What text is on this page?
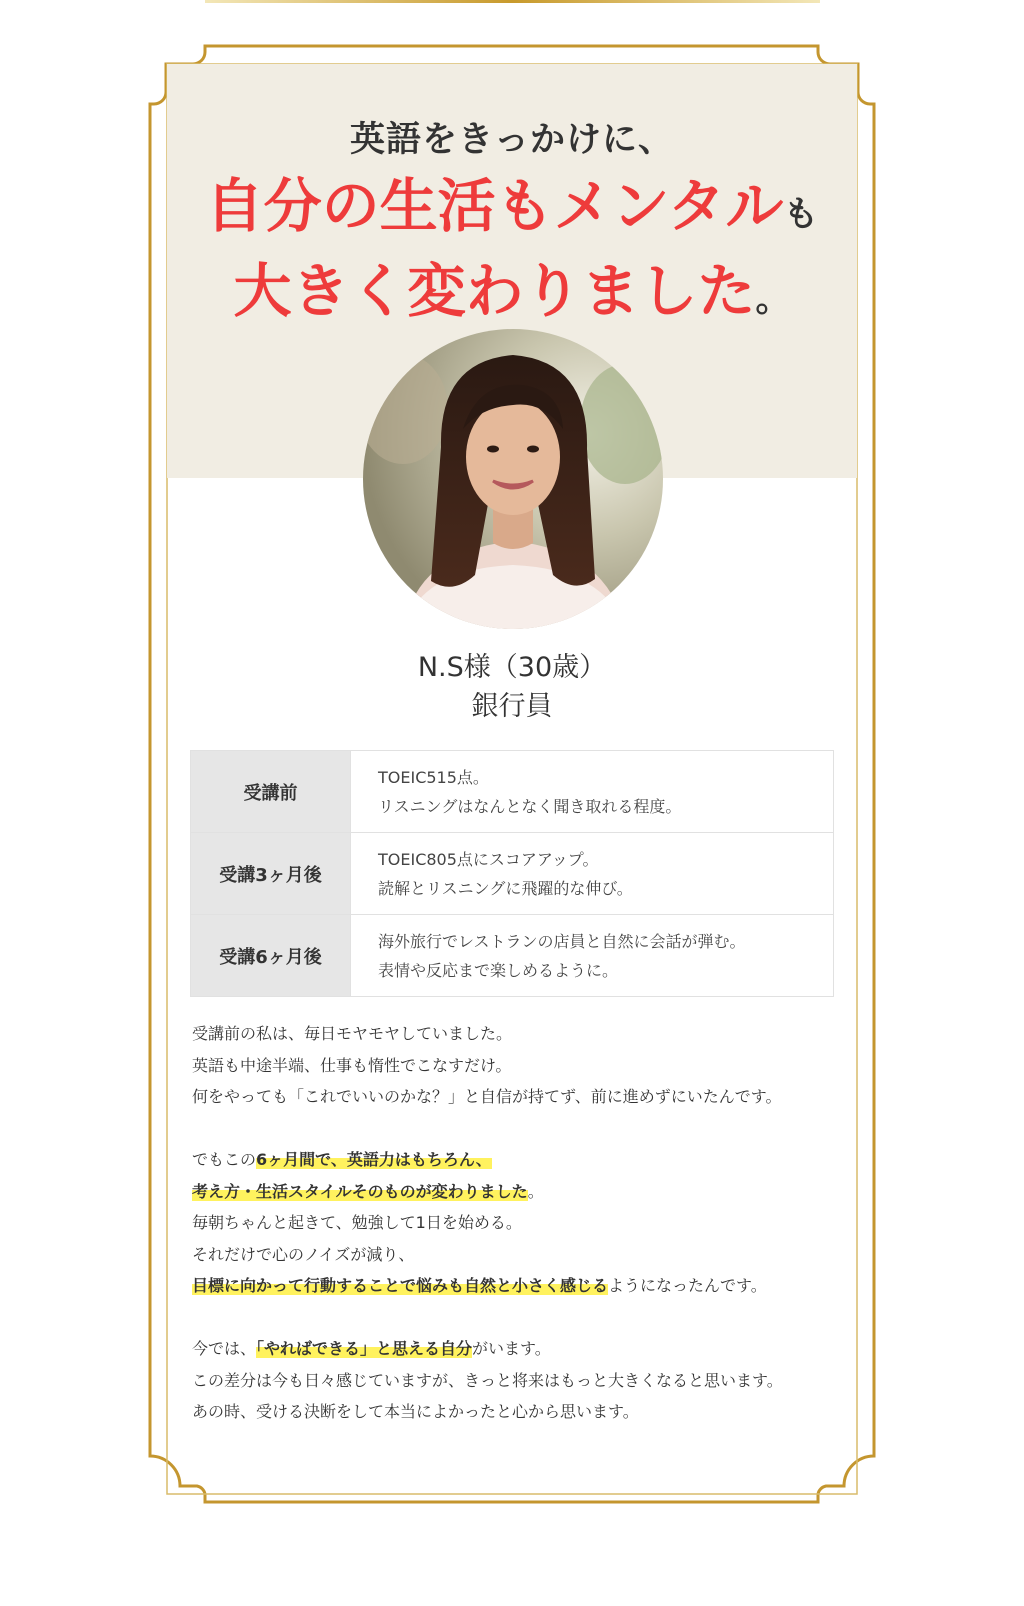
英語をきっかけに、
自分の生活もメンタルも
大きく変わりました。
N.S様（30歳）
銀行員
受講前	TOEIC515点。
リスニングはなんとなく聞き取れる程度。

受講3ヶ月後	TOEIC805点にスコアアップ。
読解とリスニングに飛躍的な伸び。

受講6ヶ月後	海外旅行でレストランの店員と自然に会話が弾む。
表情や反応まで楽しめるように。

受講前の私は、毎日モヤモヤしていました。
英語も中途半端、仕事も惰性でこなすだけ。
何をやっても「これでいいのかな？」と自信が持てず、前に進めずにいたんです。

でもこの6ヶ月間で、英語力はもちろん、
考え方・生活スタイルそのものが変わりました。
毎朝ちゃんと起きて、勉強して1日を始める。
それだけで心のノイズが減り、
目標に向かって行動することで悩みも自然と小さく感じるようになったんです。

今では、「やればできる」と思える自分がいます。
この差分は今も日々感じていますが、きっと将来はもっと大きくなると思います。
あの時、受ける決断をして本当によかったと心から思います。
